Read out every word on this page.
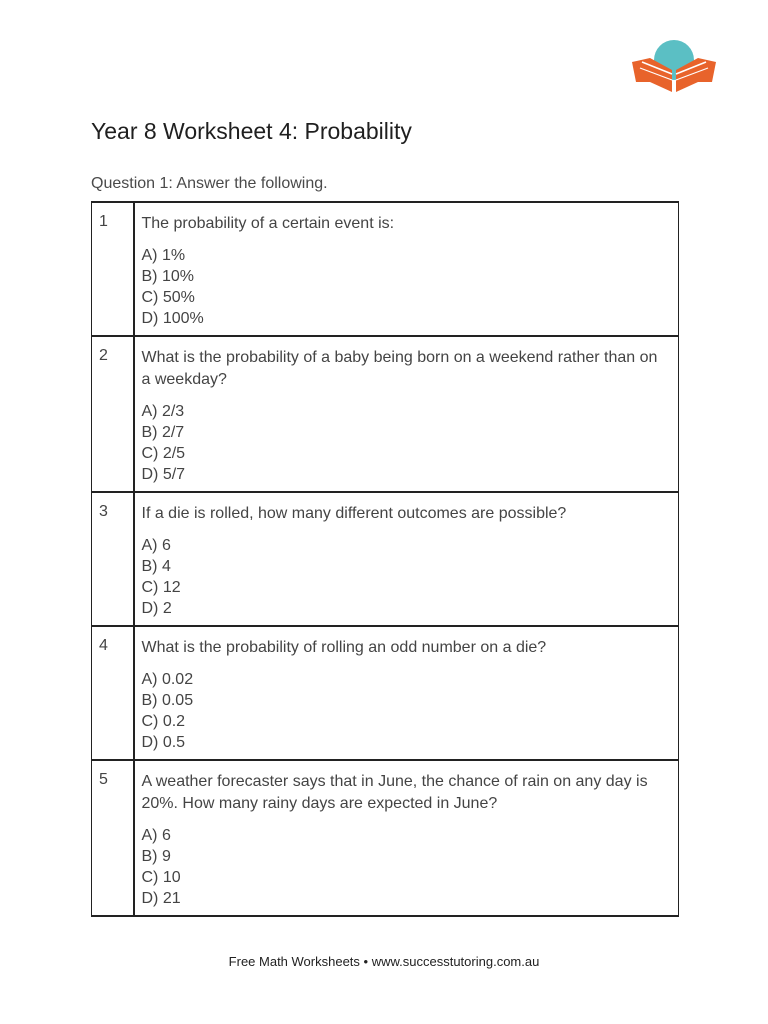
Year 8 Worksheet 4: Probability
Question 1: Answer the following.
1	The probability of a certain event is:

A) 1%
B) 10%
C) 50%
D) 100%

2	What is the probability of a baby being born on a weekend rather than on a weekday?

A) 2/3
B) 2/7
C) 2/5
D) 5/7

3	If a die is rolled, how many different outcomes are possible?

A) 6
B) 4
C) 12
D) 2

4	What is the probability of rolling an odd number on a die?

A) 0.02
B) 0.05
C) 0.2
D) 0.5

5	A weather forecaster says that in June, the chance of rain on any day is 20%. How many rainy days are expected in June?

A) 6
B) 9
C) 10
D) 21
Free Math Worksheets • www.successtutoring.com.au
